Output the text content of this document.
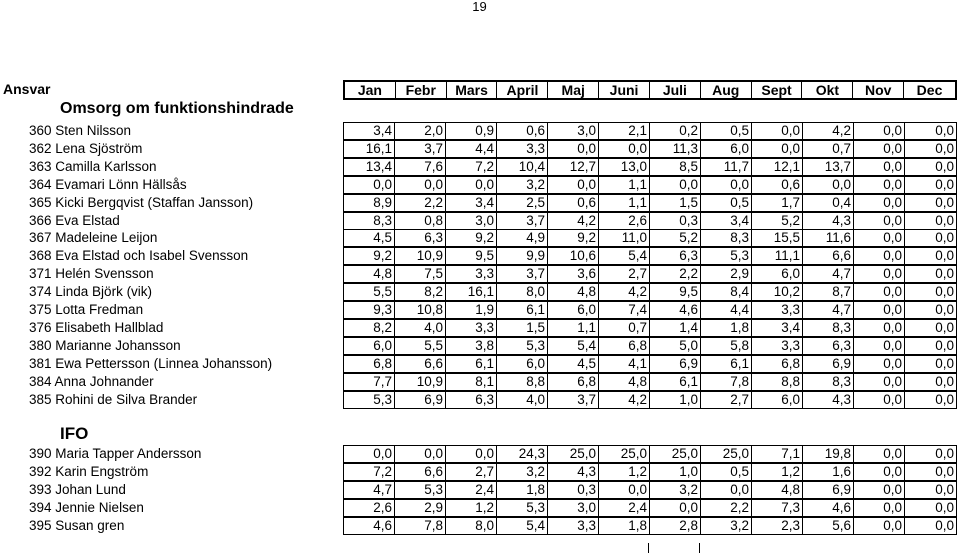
19
Ansvar	Jan	Febr	Mars	April	Maj	Juni	Juli	Aug	Sept	Okt	Nov	Dec
Omsorg om funktionshindrade
IFO
360 Sten Nilsson	3,4	2,0	0,9	0,6	3,0	2,1	0,2	0,5	0,0	4,2	0,0	0,0
362 Lena Sjöström	16,1	3,7	4,4	3,3	0,0	0,0	11,3	6,0	0,0	0,7	0,0	0,0
363 Camilla Karlsson	13,4	7,6	7,2	10,4	12,7	13,0	8,5	11,7	12,1	13,7	0,0	0,0
364 Evamari Lönn Hällsås	0,0	0,0	0,0	3,2	0,0	1,1	0,0	0,0	0,6	0,0	0,0	0,0
365 Kicki Bergqvist (Staffan Jansson)	8,9	2,2	3,4	2,5	0,6	1,1	1,5	0,5	1,7	0,4	0,0	0,0
366 Eva Elstad	8,3	0,8	3,0	3,7	4,2	2,6	0,3	3,4	5,2	4,3	0,0	0,0
367 Madeleine Leijon	4,5	6,3	9,2	4,9	9,2	11,0	5,2	8,3	15,5	11,6	0,0	0,0
368 Eva Elstad och Isabel Svensson	9,2	10,9	9,5	9,9	10,6	5,4	6,3	5,3	11,1	6,6	0,0	0,0
371 Helén Svensson	4,8	7,5	3,3	3,7	3,6	2,7	2,2	2,9	6,0	4,7	0,0	0,0
374 Linda Björk (vik)	5,5	8,2	16,1	8,0	4,8	4,2	9,5	8,4	10,2	8,7	0,0	0,0
375 Lotta Fredman	9,3	10,8	1,9	6,1	6,0	7,4	4,6	4,4	3,3	4,7	0,0	0,0
376 Elisabeth Hallblad	8,2	4,0	3,3	1,5	1,1	0,7	1,4	1,8	3,4	8,3	0,0	0,0
380 Marianne Johansson	6,0	5,5	3,8	5,3	5,4	6,8	5,0	5,8	3,3	6,3	0,0	0,0
381 Ewa Pettersson (Linnea Johansson)	6,8	6,6	6,1	6,0	4,5	4,1	6,9	6,1	6,8	6,9	0,0	0,0
384 Anna Johnander	7,7	10,9	8,1	8,8	6,8	4,8	6,1	7,8	8,8	8,3	0,0	0,0
385 Rohini de Silva Brander	5,3	6,9	6,3	4,0	3,7	4,2	1,0	2,7	6,0	4,3	0,0	0,0
390 Maria Tapper Andersson	0,0	0,0	0,0	24,3	25,0	25,0	25,0	25,0	7,1	19,8	0,0	0,0
392 Karin Engström	7,2	6,6	2,7	3,2	4,3	1,2	1,0	0,5	1,2	1,6	0,0	0,0
393 Johan Lund	4,7	5,3	2,4	1,8	0,3	0,0	3,2	0,0	4,8	6,9	0,0	0,0
394 Jennie Nielsen	2,6	2,9	1,2	5,3	3,0	2,4	0,0	2,2	7,3	4,6	0,0	0,0
395 Susan gren	4,6	7,8	8,0	5,4	3,3	1,8	2,8	3,2	2,3	5,6	0,0	0,0
